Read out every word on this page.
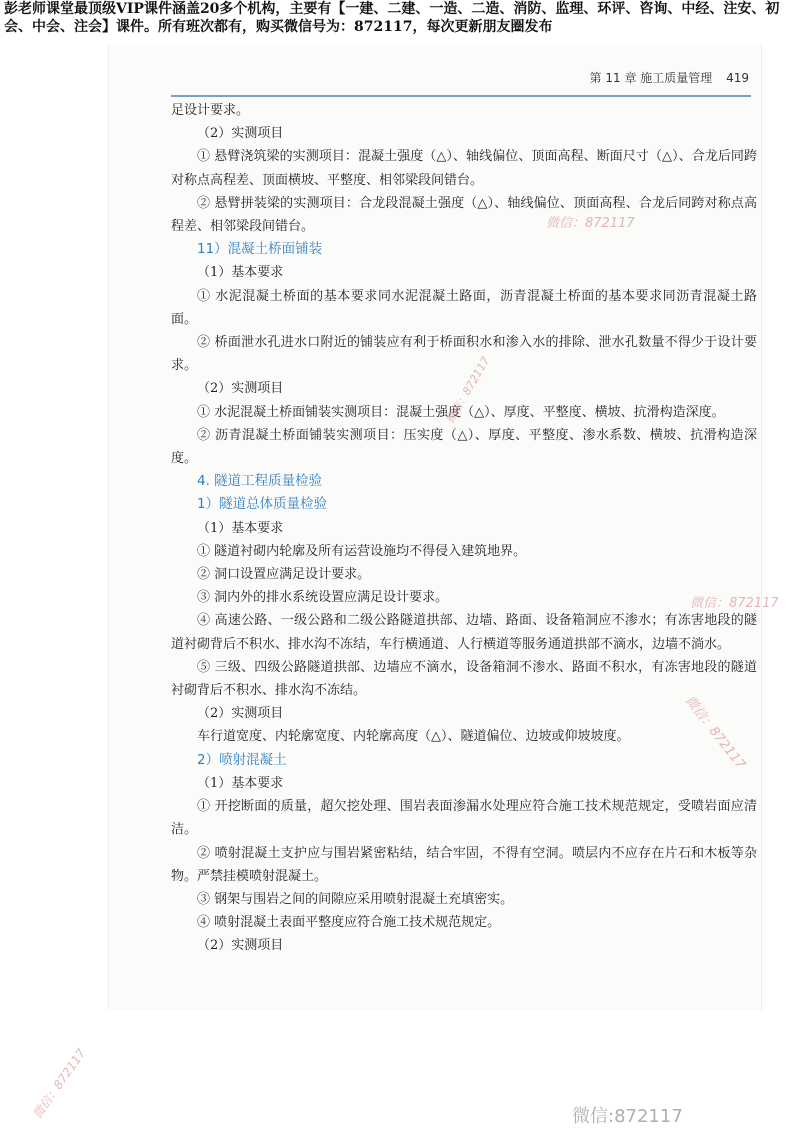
彭老师课堂最顶级VIP课件涵盖20多个机构，主要有【一建、二建、一造、二造、消防、监理、环评、咨询、中经、注安、初会、中会、注会】课件。所有班次都有，购买微信号为：872117，每次更新朋友圈发布
第 11 章 施工质量管理 419

足设计要求。

（2）实测项目

① 悬臂浇筑梁的实测项目：混凝土强度（△）、轴线偏位、顶面高程、断面尺寸（△）、合龙后同跨对称点高程差、顶面横坡、平整度、相邻梁段间错台。

② 悬臂拼装梁的实测项目：合龙段混凝土强度（△）、轴线偏位、顶面高程、合龙后同跨对称点高程差、相邻梁段间错台。

11）混凝土桥面铺装

（1）基本要求

① 水泥混凝土桥面的基本要求同水泥混凝土路面，沥青混凝土桥面的基本要求同沥青混凝土路面。

② 桥面泄水孔进水口附近的铺装应有利于桥面积水和渗入水的排除、泄水孔数量不得少于设计要求。

（2）实测项目

① 水泥混凝土桥面铺装实测项目：混凝土强度（△）、厚度、平整度、横坡、抗滑构造深度。

② 沥青混凝土桥面铺装实测项目：压实度（△）、厚度、平整度、渗水系数、横坡、抗滑构造深度。

4. 隧道工程质量检验

1）隧道总体质量检验

（1）基本要求

① 隧道衬砌内轮廓及所有运营设施均不得侵入建筑地界。

② 洞口设置应满足设计要求。

③ 洞内外的排水系统设置应满足设计要求。

④ 高速公路、一级公路和二级公路隧道拱部、边墙、路面、设备箱洞应不渗水；有冻害地段的隧道衬砌背后不积水、排水沟不冻结，车行横通道、人行横道等服务通道拱部不滴水，边墙不淌水。

⑤ 三级、四级公路隧道拱部、边墙应不滴水，设备箱洞不渗水、路面不积水，有冻害地段的隧道衬砌背后不积水、排水沟不冻结。

（2）实测项目

车行道宽度、内轮廓宽度、内轮廓高度（△）、隧道偏位、边坡或仰坡坡度。

2）喷射混凝土

（1）基本要求

① 开挖断面的质量，超欠挖处理、围岩表面渗漏水处理应符合施工技术规范规定，受喷岩面应清洁。

② 喷射混凝土支护应与围岩紧密粘结，结合牢固，不得有空洞。喷层内不应存在片石和木板等杂物。严禁挂模喷射混凝土。

③ 钢架与围岩之间的间隙应采用喷射混凝土充填密实。

④ 喷射混凝土表面平整度应符合施工技术规范规定。

（2）实测项目

微信：872117
微信：872117
微信：872117
微信：872117
微信：872117	微信:872117
